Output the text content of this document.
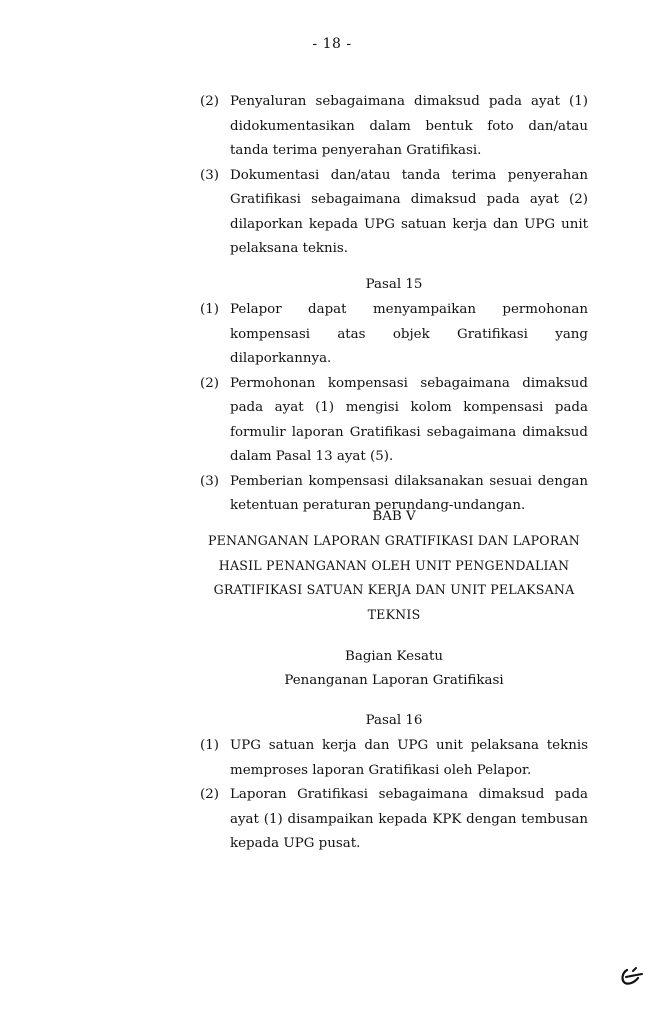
- 18 -

(2) Penyaluran sebagaimana dimaksud pada ayat (1) didokumentasikan dalam bentuk foto dan/atau tanda terima penyerahan Gratifikasi.

(3) Dokumentasi dan/atau tanda terima penyerahan Gratifikasi sebagaimana dimaksud pada ayat (2) dilaporkan kepada UPG satuan kerja dan UPG unit pelaksana teknis.

Pasal 15

(1) Pelapor dapat menyampaikan permohonan kompensasi atas objek Gratifikasi yang dilaporkannya.

(2) Permohonan kompensasi sebagaimana dimaksud pada ayat (1) mengisi kolom kompensasi pada formulir laporan Gratifikasi sebagaimana dimaksud dalam Pasal 13 ayat (5).

(3) Pemberian kompensasi dilaksanakan sesuai dengan ketentuan peraturan perundang-undangan.

BAB V

PENANGANAN LAPORAN GRATIFIKASI DAN LAPORAN
HASIL PENANGANAN OLEH UNIT PENGENDALIAN
GRATIFIKASI SATUAN KERJA DAN UNIT PELAKSANA
TEKNIS

Bagian Kesatu

Penanganan Laporan Gratifikasi

Pasal 16

(1) UPG satuan kerja dan UPG unit pelaksana teknis memproses laporan Gratifikasi oleh Pelapor.

(2) Laporan Gratifikasi sebagaimana dimaksud pada ayat (1) disampaikan kepada KPK dengan tembusan kepada UPG pusat.
